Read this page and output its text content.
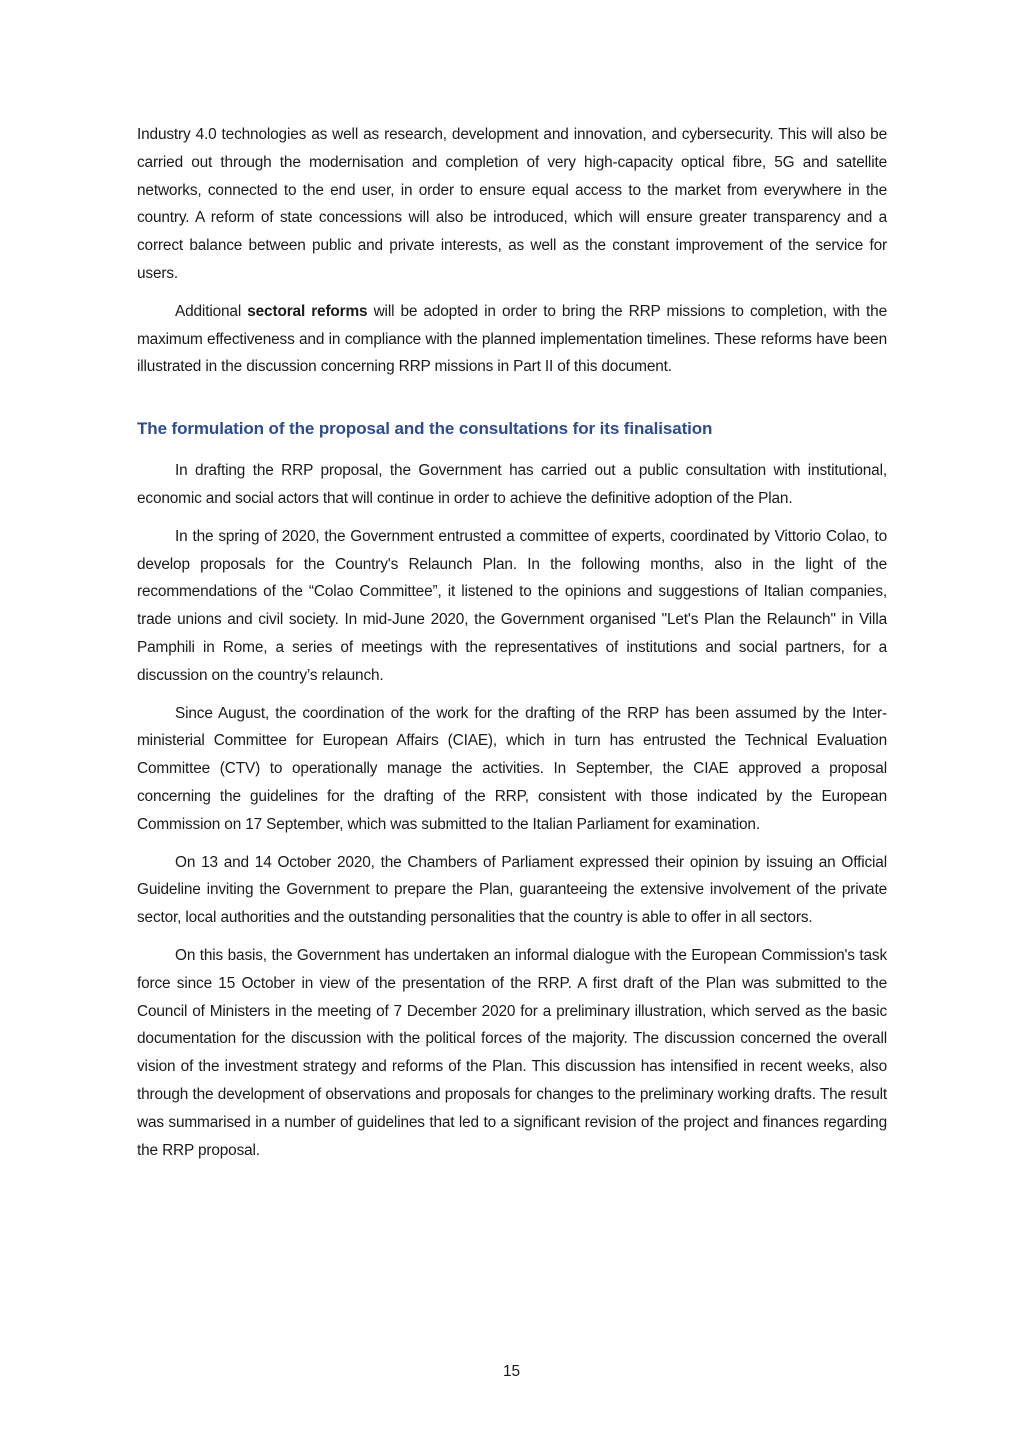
Industry 4.0 technologies as well as research, development and innovation, and cybersecurity. This will also be carried out through the modernisation and completion of very high-capacity optical fibre, 5G and satellite networks, connected to the end user, in order to ensure equal access to the market from everywhere in the country. A reform of state concessions will also be introduced, which will ensure greater transparency and a correct balance between public and private interests, as well as the constant improvement of the service for users.

Additional sectoral reforms will be adopted in order to bring the RRP missions to completion, with the maximum effectiveness and in compliance with the planned implementation timelines. These reforms have been illustrated in the discussion concerning RRP missions in Part II of this document.

The formulation of the proposal and the consultations for its finalisation

In drafting the RRP proposal, the Government has carried out a public consultation with institutional, economic and social actors that will continue in order to achieve the definitive adoption of the Plan.

In the spring of 2020, the Government entrusted a committee of experts, coordinated by Vittorio Colao, to develop proposals for the Country's Relaunch Plan. In the following months, also in the light of the recommendations of the “Colao Committee”, it listened to the opinions and suggestions of Italian companies, trade unions and civil society. In mid-June 2020, the Government organised "Let's Plan the Relaunch" in Villa Pamphili in Rome, a series of meetings with the representatives of institutions and social partners, for a discussion on the country’s relaunch.

Since August, the coordination of the work for the drafting of the RRP has been assumed by the Inter-ministerial Committee for European Affairs (CIAE), which in turn has entrusted the Technical Evaluation Committee (CTV) to operationally manage the activities. In September, the CIAE approved a proposal concerning the guidelines for the drafting of the RRP, consistent with those indicated by the European Commission on 17 September, which was submitted to the Italian Parliament for examination.

On 13 and 14 October 2020, the Chambers of Parliament expressed their opinion by issuing an Official Guideline inviting the Government to prepare the Plan, guaranteeing the extensive involvement of the private sector, local authorities and the outstanding personalities that the country is able to offer in all sectors.

On this basis, the Government has undertaken an informal dialogue with the European Commission's task force since 15 October in view of the presentation of the RRP. A first draft of the Plan was submitted to the Council of Ministers in the meeting of 7 December 2020 for a preliminary illustration, which served as the basic documentation for the discussion with the political forces of the majority. The discussion concerned the overall vision of the investment strategy and reforms of the Plan. This discussion has intensified in recent weeks, also through the development of observations and proposals for changes to the preliminary working drafts. The result was summarised in a number of guidelines that led to a significant revision of the project and finances regarding the RRP proposal.

15
